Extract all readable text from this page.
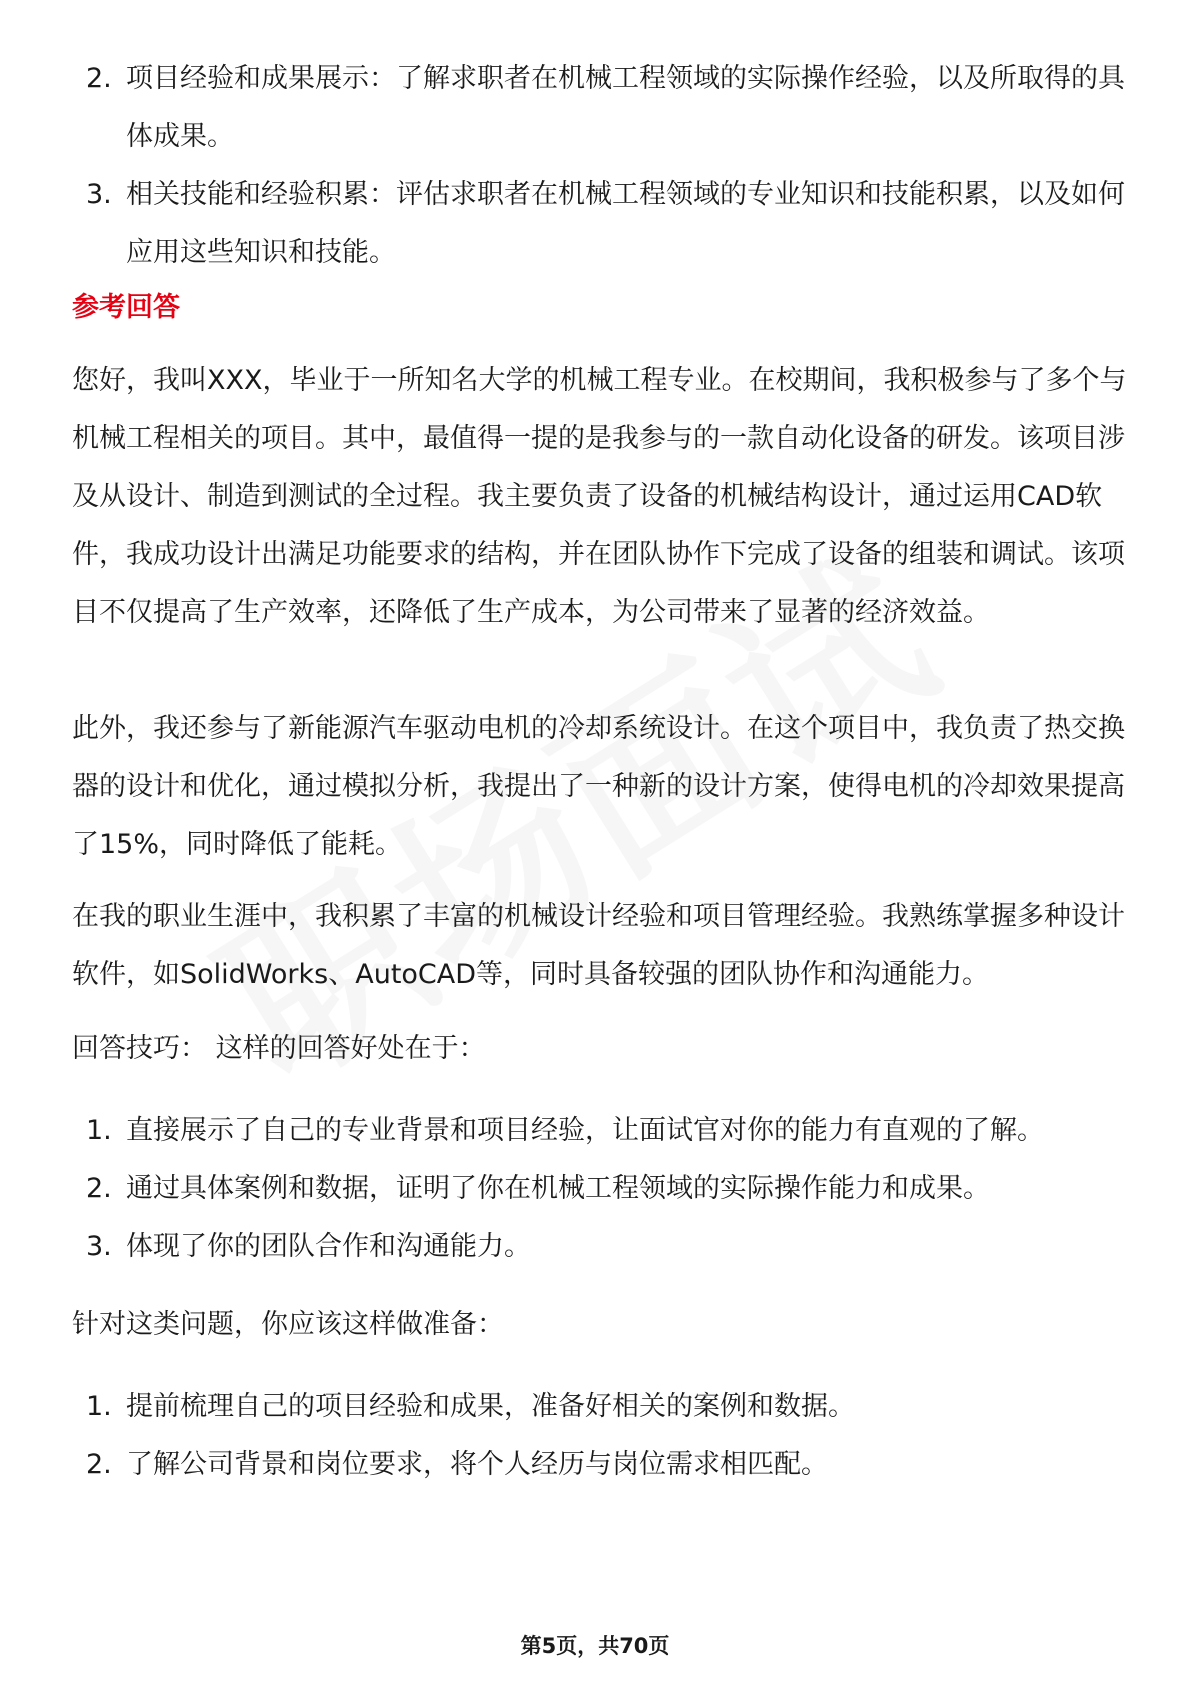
2. 项目经验和成果展示：了解求职者在机械工程领域的实际操作经验，以及所取得的具体成果。
3. 相关技能和经验积累：评估求职者在机械工程领域的专业知识和技能积累，以及如何应用这些知识和技能。
参考回答

您好，我叫XXX，毕业于一所知名大学的机械工程专业。在校期间，我积极参与了多个与机械工程相关的项目。其中，最值得一提的是我参与的一款自动化设备的研发。该项目涉及从设计、制造到测试的全过程。我主要负责了设备的机械结构设计，通过运用CAD软件，我成功设计出满足功能要求的结构，并在团队协作下完成了设备的组装和调试。该项目不仅提高了生产效率，还降低了生产成本，为公司带来了显著的经济效益。

此外，我还参与了新能源汽车驱动电机的冷却系统设计。在这个项目中，我负责了热交换器的设计和优化，通过模拟分析，我提出了一种新的设计方案，使得电机的冷却效果提高了15%，同时降低了能耗。

在我的职业生涯中，我积累了丰富的机械设计经验和项目管理经验。我熟练掌握多种设计软件，如SolidWorks、AutoCAD等，同时具备较强的团队协作和沟通能力。

回答技巧： 这样的回答好处在于：

1. 直接展示了自己的专业背景和项目经验，让面试官对你的能力有直观的了解。
2. 通过具体案例和数据，证明了你在机械工程领域的实际操作能力和成果。
3. 体现了你的团队合作和沟通能力。

针对这类问题，你应该这样做准备：

1. 提前梳理自己的项目经验和成果，准备好相关的案例和数据。
2. 了解公司背景和岗位要求，将个人经历与岗位需求相匹配。
第5页，共70页
